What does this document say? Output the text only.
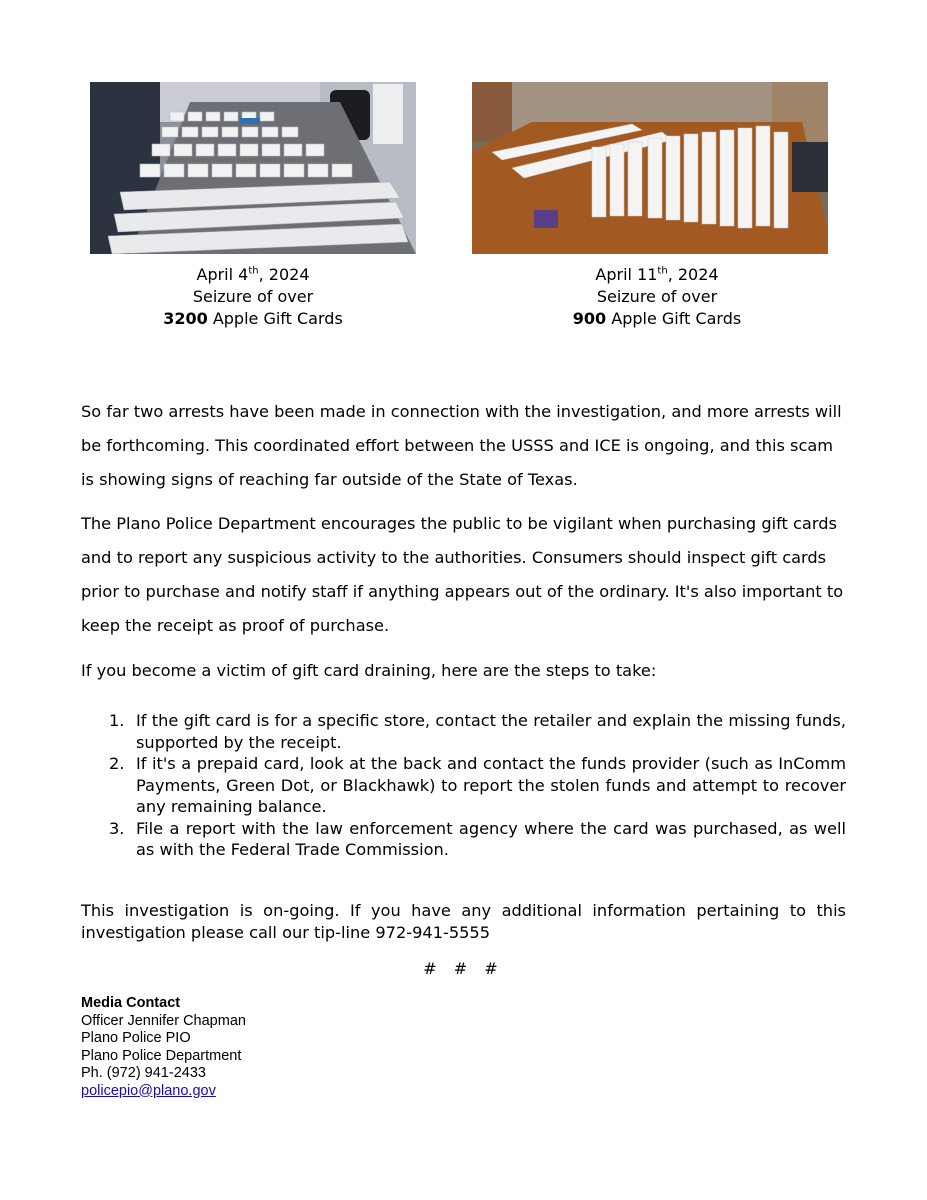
April 4th, 2024
Seizure of over
3200 Apple Gift Cards
April 11th, 2024
Seizure of over
900 Apple Gift Cards

So far two arrests have been made in connection with the investigation, and more arrests will be forthcoming. This coordinated effort between the USSS and ICE is ongoing, and this scam is showing signs of reaching far outside of the State of Texas.

The Plano Police Department encourages the public to be vigilant when purchasing gift cards and to report any suspicious activity to the authorities. Consumers should inspect gift cards prior to purchase and notify staff if anything appears out of the ordinary. It's also important to keep the receipt as proof of purchase.

If you become a victim of gift card draining, here are the steps to take:

1. If the gift card is for a specific store, contact the retailer and explain the missing funds, supported by the receipt.
2. If it's a prepaid card, look at the back and contact the funds provider (such as InComm Payments, Green Dot, or Blackhawk) to report the stolen funds and attempt to recover any remaining balance.
3. File a report with the law enforcement agency where the card was purchased, as well as with the Federal Trade Commission.

This investigation is on-going. If you have any additional information pertaining to this investigation please call our tip-line 972-941-5555

# # #
Media Contact
Officer Jennifer Chapman
Plano Police PIO
Plano Police Department
Ph. (972) 941-2433
policepio@plano.gov
